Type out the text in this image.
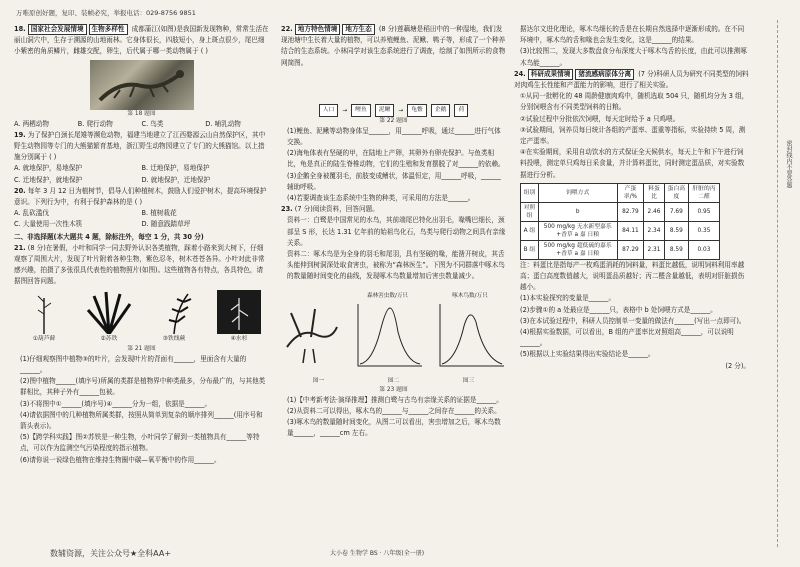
万唯原创好题，复印、装帧必究，举报电话：029-8756 9851
密封线内不要答题
18. 国家社会发展情境 生物多样性 成都蒲江(如图)是我国新发现物种，常常生活在丽山洞穴中，生存于溯源的山地雨林。它身体很长，四肢短小，身上斑点很少，尾巴细小紫密的角质鳞片，雌雄交配，卵生，后代属于哪一类动物属于 ( )
第 18 题图
A. 两栖动物	B. 爬行动物	C. 鸟类	D. 哺乳动物
19. 为了保护白颈长尾雉等濒危动物，福建当地建立了江西婺源云山自然保护区，其中野生动物园等专门的大熊猫繁育基地，浙江野生动物园建立了专门的大熊猫馆。以上措施分别属于 ( )
A. 就地保护，易地保护	B. 迁地保护，易地保护
C. 迁地保护，就地保护	D. 就地保护，迁地保护
20. 每年 3 月 12 日为植树节，倡导人们种植树木，鼓励人们爱护树木，提高环境保护意识。下列行为中，有利于保护森林的是 ( )
A. 乱砍滥伐	B. 植树栽花
C. 大量使用一次性木筷	D. 随意践踏草坪
二、非选择题(本大题共 4 题，除标注外，每空 1 分，共 30 分)
21. (8 分)在暑假，小叶和同学一同去野外认识各类植物，踩着小路来到大树下，仔细观察了周围大片，发现了叶片附着各种生物，紫色忍冬，树木苍苍各异。小叶对此非常感兴趣，拍摄了多张很具代表性的植物照片(如图)。这些植物各有特点，各具特色，请据图回答问题。
①葫芦藓	②苏铁	③铁线蕨	④水杉
第 21 题图
(1)仔细观察图中植物③的叶片，会发现叶片的背面有______，里面含有大量的______。
(2)图中植物______(填序号)所属的类群是植物界中种类最多，分布最广的，与其他类群相比，其种子外有______包被。
(3)不将图中①______(填序号)④______分为一组，依据是______。
(4)请依据图中的几种植物所属类群，按照从简单到复杂的顺序排列______(用序号和箭头表示)。
(5)【跨学科实践】图②苏铁是一种生物，小叶同学了解到一类植物具有______等特点，可以作为监测空气污染程度的指示植物。
(6)请你说一说绿色植物在维持生物圈中碳—氧平衡中的作用______。
22. 地方特色情境 地方生态 (8 分)莲藕塘是稻田中的一种湿地，我们发现池塘中生长着大量的植物，可以养殖鲤鱼、泥鳅、鸭子等，形成了一个种养结合的生态系统。小林同学对该生态系统进行了调查，绘制了如图所示的食物网简图。
人口	→	鲤鱼	泥鳅	→	龟鳖	企鹅	荷
第 22 题图
(1)鲤鱼、泥鳅等动物身体呈______，用______呼吸，通过______进行气体交换。
(2)海龟体表有坚硬的甲，在陆地上产卵，其卵外有卵壳保护。与鱼类相比，龟是真正的陆生脊椎动物，它们的生殖和发育摆脱了对______的依赖。
(3)企鹅全身被覆羽毛，前肢变成鳍状，体温恒定，用______呼吸，______辅助呼吸。
(4)若要调查该生态系统中生物的种类，可采用的方法是______。
23. (7 分)阅读资料，回答问题。
资料一：白鹭是中国常见的水鸟，其前端尾巴特化出羽毛，喙嘴巴细长，颈部呈 S 形，长达 1.31 亿年前的始祖鸟化石，鸟类与爬行动物之间具有亲缘关系。
资料二：啄木鸟是为全身的羽毛和尾羽，具有坚硬的喙，能凿开树皮，其舌头能伸到树洞深处取食害虫，被称为“森林医生”。下图为不同群落中啄木鸟的数量随时间变化的曲线，发现啄木鸟数量增加后害虫数量减少。
森林害虫数/万只	啄木鸟数/万只
图一	图二	图三
第 23 题图
(1)【中考新考法·演绎推理】推测白鹭与古鸟有亲缘关系的证据是______。
(2)从资料二可以得出，啄木鸟的______与______之间存在______的关系。
(3)啄木鸟的数量随时间变化，从图二可以看出，害虫增加之后，啄木鸟数量______，______cm 左右。
据达尔文进化理论，啄木鸟细长的舌是在长期自然选择中逐渐形成的。在不同环境中，啄木鸟的舌和喙也会发生变化，这是______的结果。
(3)比较图二，发现大多数盘食分布深度大于啄木鸟舌的长度，由此可以推测啄木鸟能______。
24. 科研成果情境 猪流感病原体分离 (7 分)科研人员为研究不同类型的饲料对肉鸡生长性能和产蛋能力的影响，进行了相关实验。
①从同一批孵化的 48 周龄健康肉鸡中，随机选取 504 只，随机均分为 3 组，分别饲喂含有不同类型饲料的日粮。
②试验过程中分批依次饲喂，每天定时给予 a 只鸡喂。
③试验期间，饲养员每日统计各组的产蛋率、蛋重等指标，实验持续 5 周，测定产蛋率。
④在实验期间，采用自动饮水的方式保证全天候供水，每天上午和下午进行饲料投喂，测定单只鸡每日采食量，并计算料蛋比，同时测定蛋品质，对实验数据进行分析。
组别	饲喂方式	产蛋率/%	料蛋比	蛋白高度	肝脏的丙二醛
对照组	b	82.79	2.46	7.69	0.95
A 组	500 mg/kg 无水新型嘉乐+香草 a 嘉 日粮	84.11	2.34	8.59	0.35
B 组	500 mg/kg 超低硫的嘉乐+香草 a 嘉 日粮	87.29	2.31	8.59	0.03
注：料蛋比是指每产一枚鸡蛋消耗的饲料量，料蛋比越低，说明饲料利用率越高；蛋白高度数值越大，说明蛋品质越好；丙二醛含量越低，表明对肝脏损伤越小。
(1)本实验探究的变量是______。
(2)步骤①的 a 处最应是______只，表格中 b 处饲喂方式是______。
(3)在本试验过程中，科研人员控制单一变量的做法有______(写出一点即可)。
(4)根据实验数据，可以看出，B 组的产蛋率比对照组高______，可以说明______。
(5)根据以上实验结果得出实验结论是______。
(2 分)。
数辅资源，关注公众号★全科AA+	大小卷 生物学 BS · 八年级(全一册)
